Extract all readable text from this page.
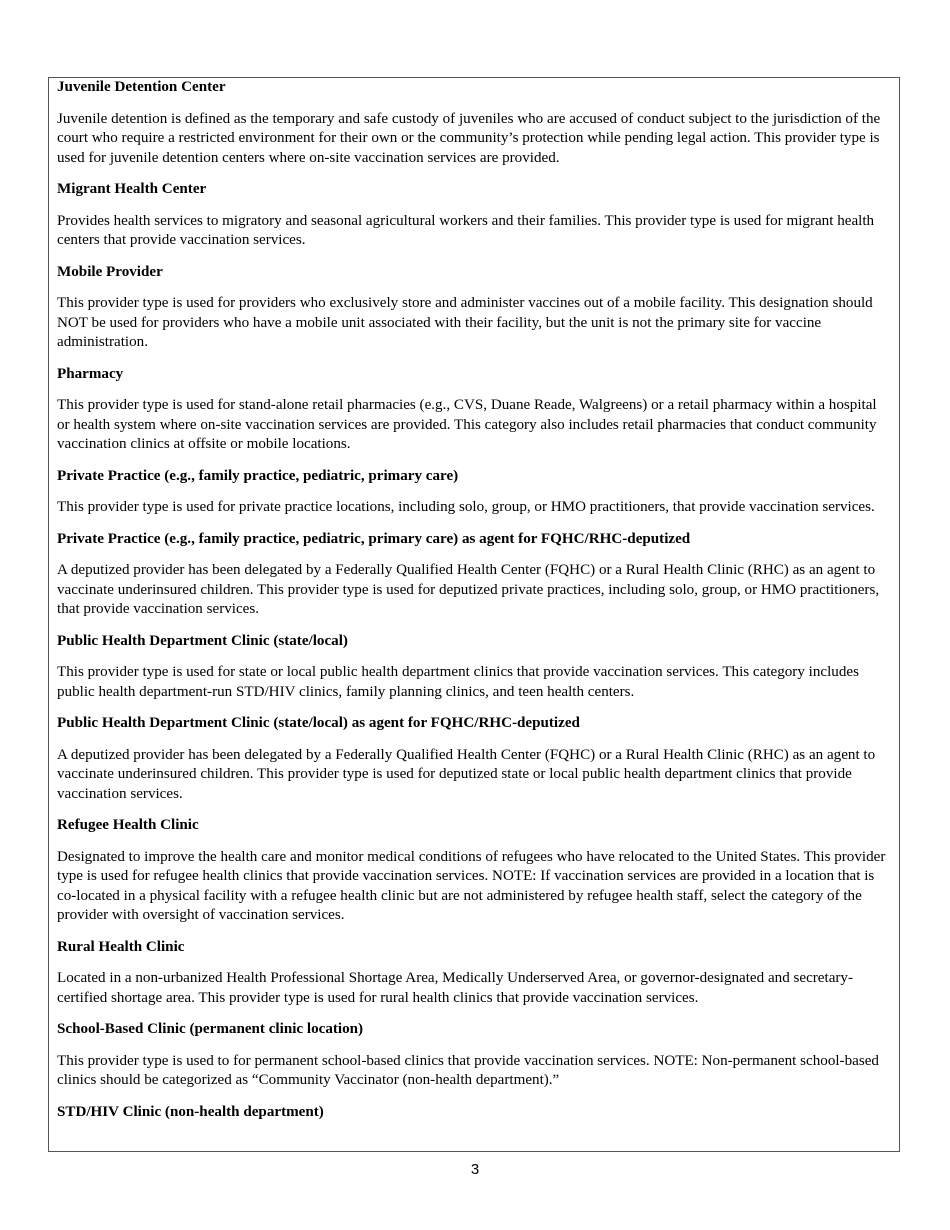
Juvenile Detention Center

Juvenile detention is defined as the temporary and safe custody of juveniles who are accused of conduct subject to the jurisdiction of the court who require a restricted environment for their own or the community’s protection while pending legal action. This provider type is used for juvenile detention centers where on-site vaccination services are provided.

Migrant Health Center

Provides health services to migratory and seasonal agricultural workers and their families. This provider type is used for migrant health centers that provide vaccination services.

Mobile Provider

This provider type is used for providers who exclusively store and administer vaccines out of a mobile facility. This designation should NOT be used for providers who have a mobile unit associated with their facility, but the unit is not the primary site for vaccine administration.

Pharmacy

This provider type is used for stand-alone retail pharmacies (e.g., CVS, Duane Reade, Walgreens) or a retail pharmacy within a hospital or health system where on-site vaccination services are provided. This category also includes retail pharmacies that conduct community vaccination clinics at offsite or mobile locations.

Private Practice (e.g., family practice, pediatric, primary care)

This provider type is used for private practice locations, including solo, group, or HMO practitioners, that provide vaccination services.

Private Practice (e.g., family practice, pediatric, primary care) as agent for FQHC/RHC-deputized

A deputized provider has been delegated by a Federally Qualified Health Center (FQHC) or a Rural Health Clinic (RHC) as an agent to vaccinate underinsured children. This provider type is used for deputized private practices, including solo, group, or HMO practitioners, that provide vaccination services.

Public Health Department Clinic (state/local)

This provider type is used for state or local public health department clinics that provide vaccination services. This category includes public health department-run STD/HIV clinics, family planning clinics, and teen health centers.

Public Health Department Clinic (state/local) as agent for FQHC/RHC-deputized

A deputized provider has been delegated by a Federally Qualified Health Center (FQHC) or a Rural Health Clinic (RHC) as an agent to vaccinate underinsured children. This provider type is used for deputized state or local public health department clinics that provide vaccination services.

Refugee Health Clinic

Designated to improve the health care and monitor medical conditions of refugees who have relocated to the United States. This provider type is used for refugee health clinics that provide vaccination services. NOTE: If vaccination services are provided in a location that is co-located in a physical facility with a refugee health clinic but are not administered by refugee health staff, select the category of the provider with oversight of vaccination services.

Rural Health Clinic

Located in a non-urbanized Health Professional Shortage Area, Medically Underserved Area, or governor-designated and secretary-certified shortage area. This provider type is used for rural health clinics that provide vaccination services.

School-Based Clinic (permanent clinic location)

This provider type is used to for permanent school-based clinics that provide vaccination services. NOTE: Non-permanent school-based clinics should be categorized as “Community Vaccinator (non-health department).”

STD/HIV Clinic (non-health department)

3
